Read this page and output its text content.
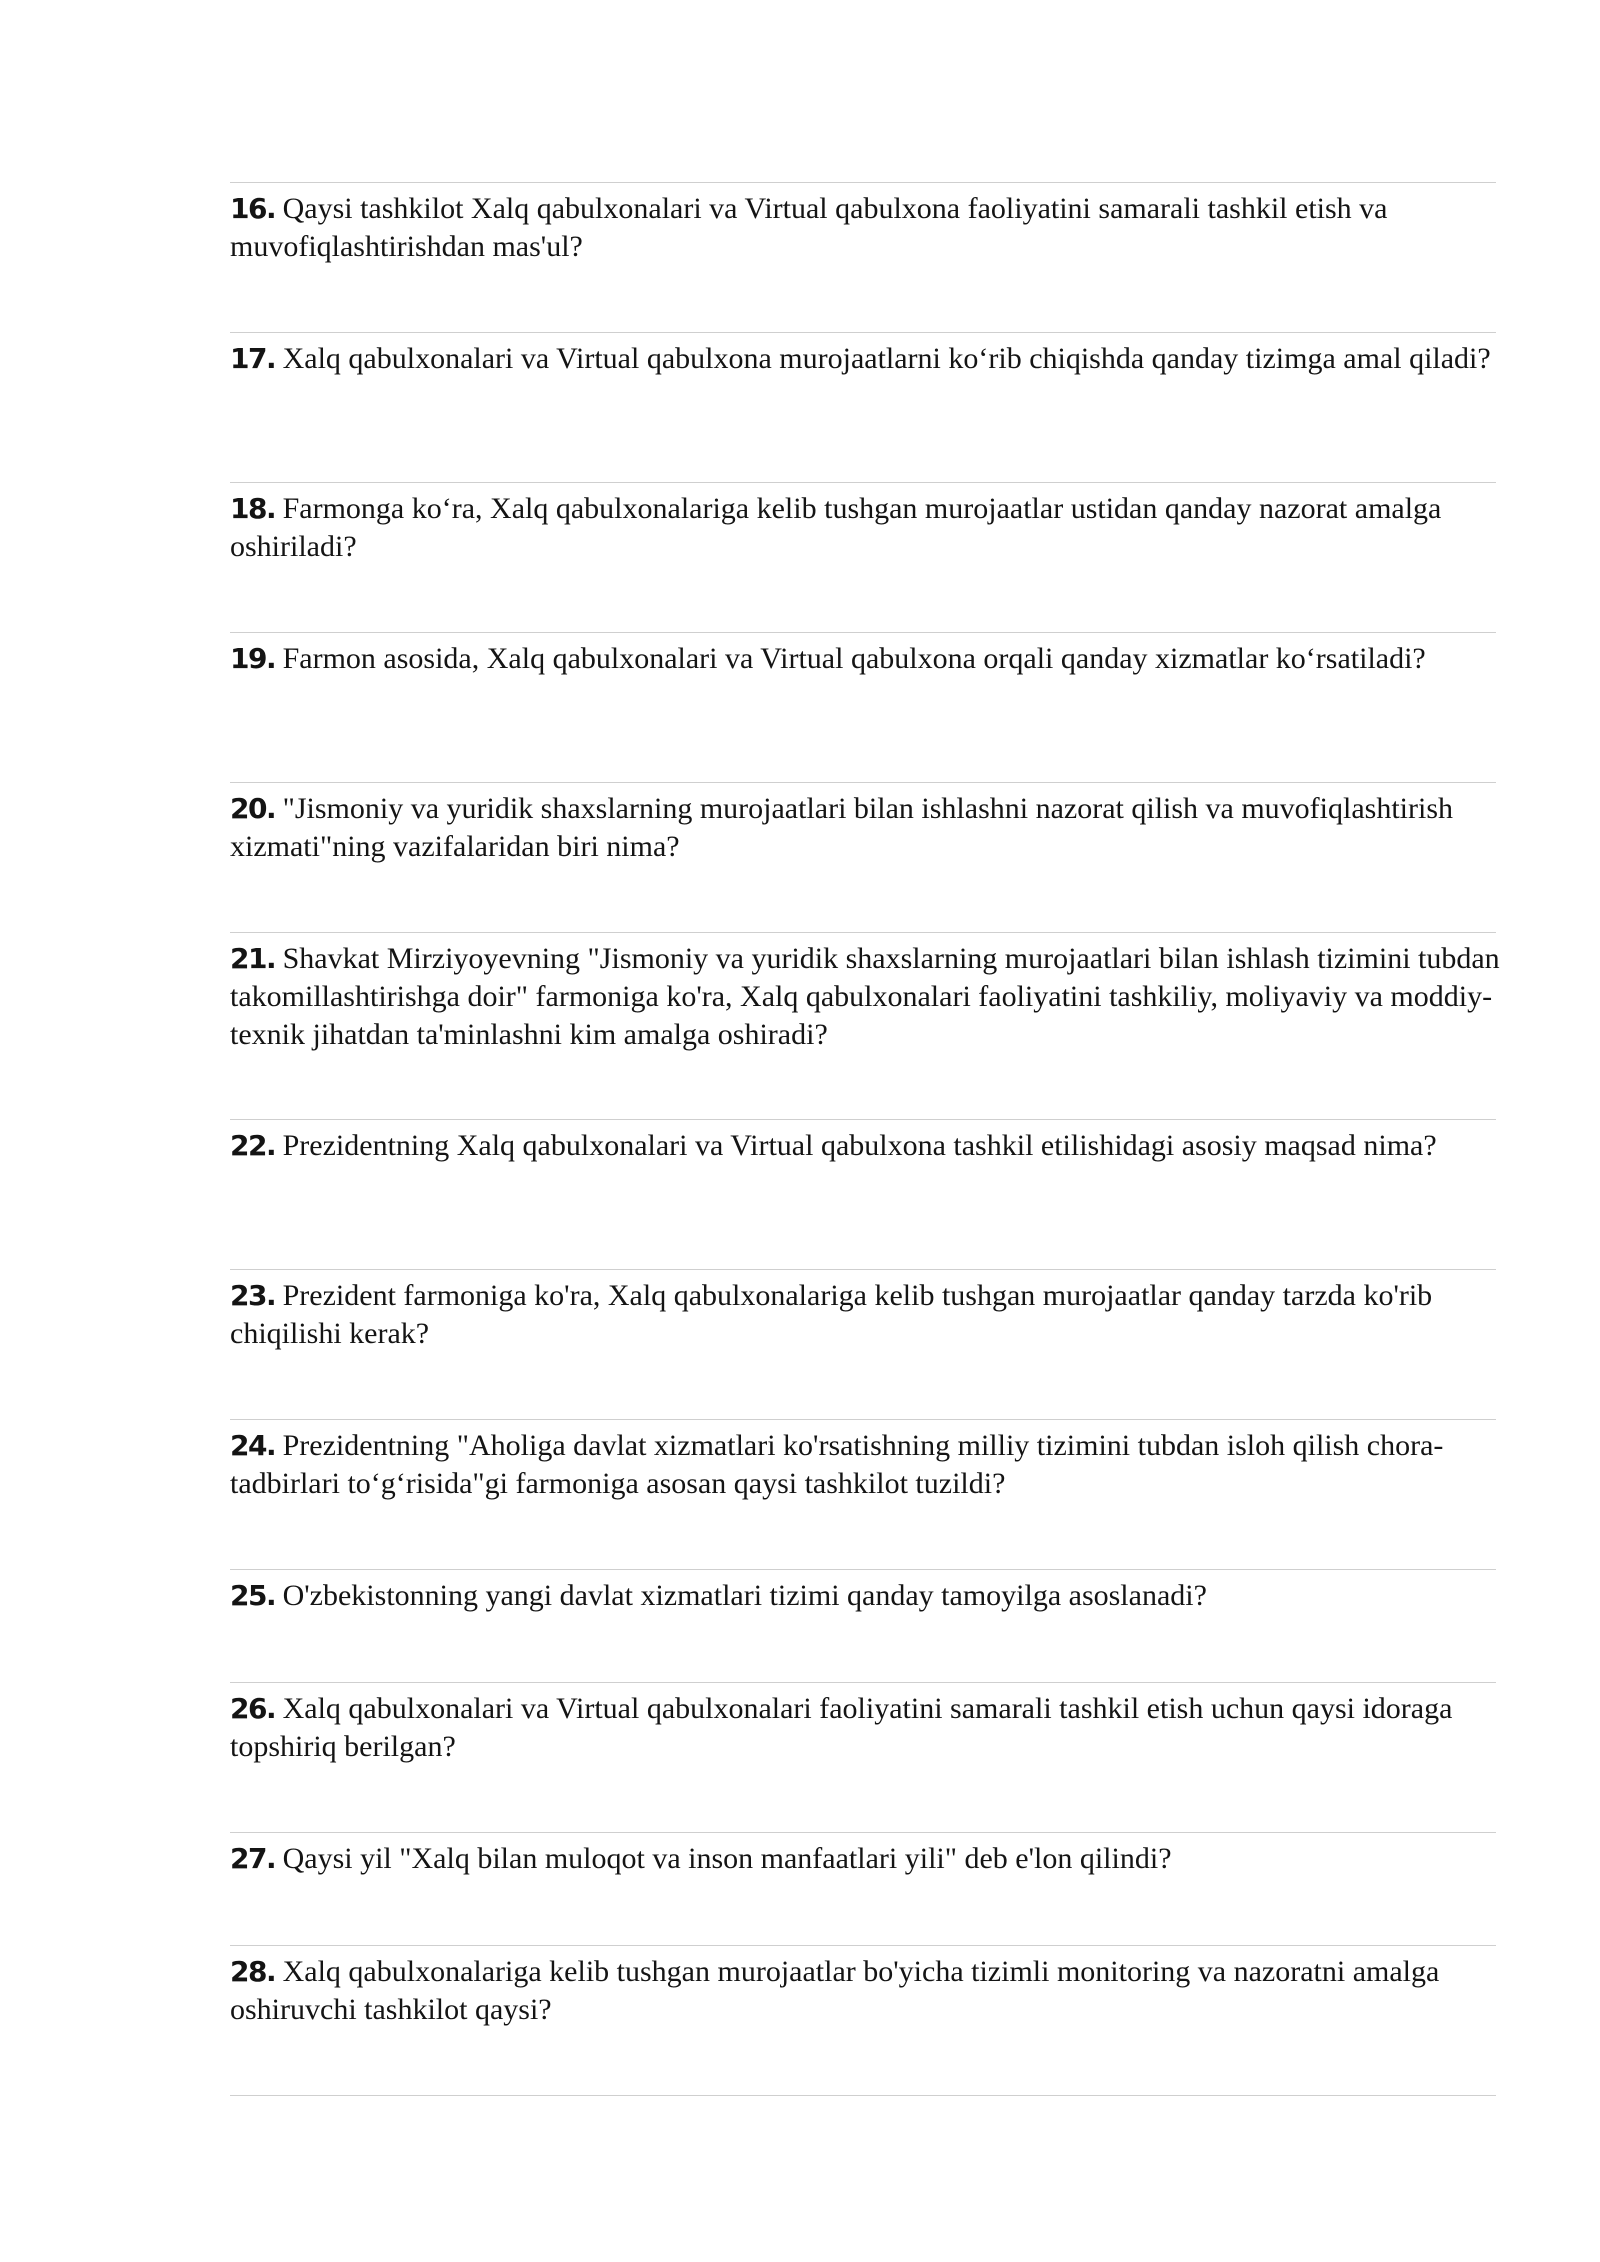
16. Qaysi tashkilot Xalq qabulxonalari va Virtual qabulxona faoliyatini samarali tashkil etish va muvofiqlashtirishdan mas'ul?
17. Xalq qabulxonalari va Virtual qabulxona murojaatlarni ko‘rib chiqishda qanday tizimga amal qiladi?
18. Farmonga ko‘ra, Xalq qabulxonalariga kelib tushgan murojaatlar ustidan qanday nazorat amalga oshiriladi?
19. Farmon asosida, Xalq qabulxonalari va Virtual qabulxona orqali qanday xizmatlar ko‘rsatiladi?
20. "Jismoniy va yuridik shaxslarning murojaatlari bilan ishlashni nazorat qilish va muvofiqlashtirish xizmati"ning vazifalaridan biri nima?
21. Shavkat Mirziyoyevning "Jismoniy va yuridik shaxslarning murojaatlari bilan ishlash tizimini tubdan takomillashtirishga doir" farmoniga ko'ra, Xalq qabulxonalari faoliyatini tashkiliy, moliyaviy va moddiy-texnik jihatdan ta'minlashni kim amalga oshiradi?
22. Prezidentning Xalq qabulxonalari va Virtual qabulxona tashkil etilishidagi asosiy maqsad nima?
23. Prezident farmoniga ko'ra, Xalq qabulxonalariga kelib tushgan murojaatlar qanday tarzda ko'rib chiqilishi kerak?
24. Prezidentning "Aholiga davlat xizmatlari ko'rsatishning milliy tizimini tubdan isloh qilish chora-tadbirlari to‘g‘risida"gi farmoniga asosan qaysi tashkilot tuzildi?
25. O'zbekistonning yangi davlat xizmatlari tizimi qanday tamoyilga asoslanadi?
26. Xalq qabulxonalari va Virtual qabulxonalari faoliyatini samarali tashkil etish uchun qaysi idoraga topshiriq berilgan?
27. Qaysi yil "Xalq bilan muloqot va inson manfaatlari yili" deb e'lon qilindi?
28. Xalq qabulxonalariga kelib tushgan murojaatlar bo'yicha tizimli monitoring va nazoratni amalga oshiruvchi tashkilot qaysi?
